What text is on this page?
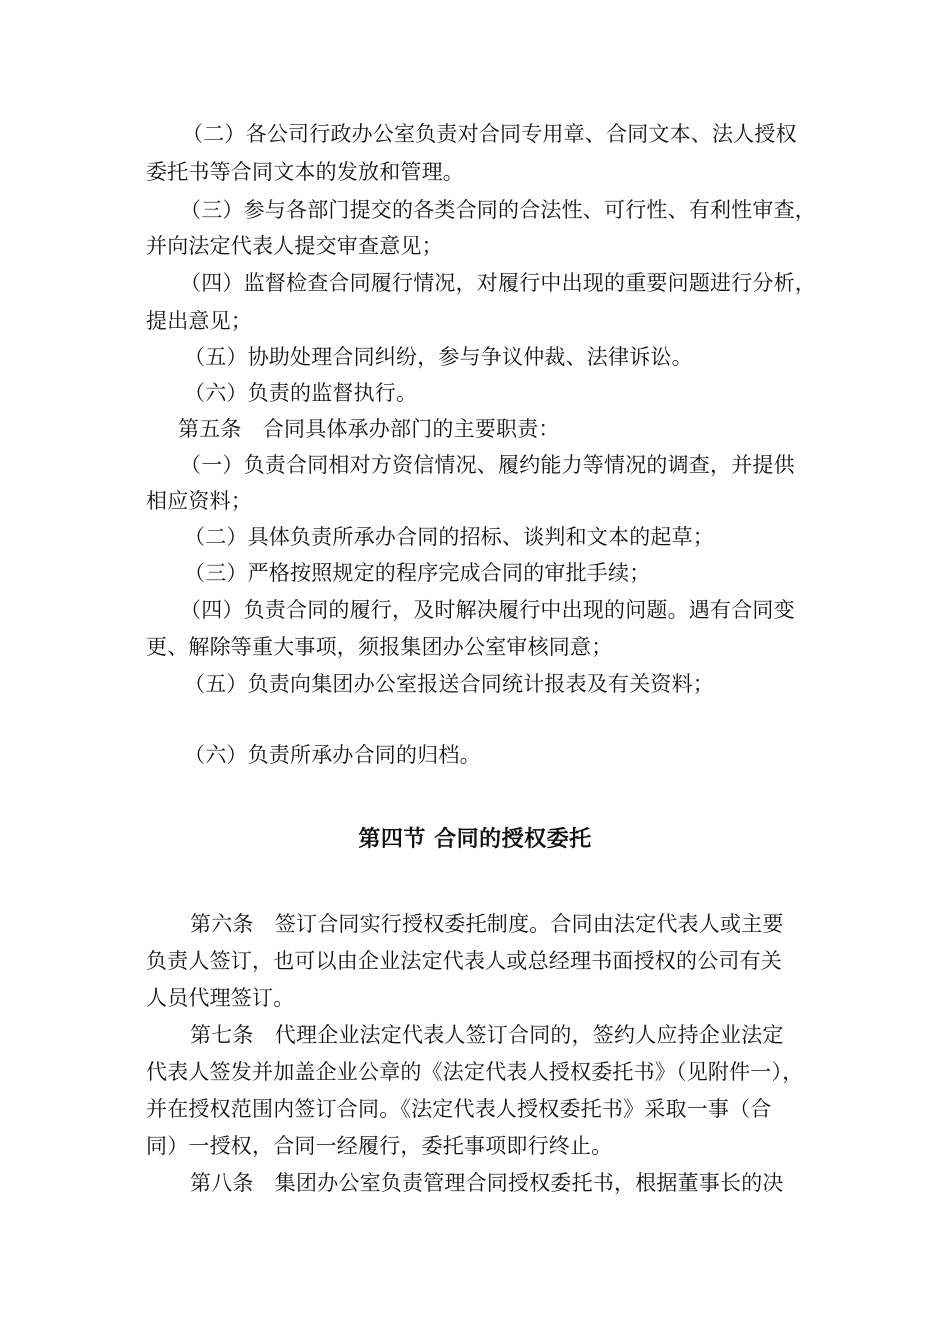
（二）各公司行政办公室负责对合同专用章、合同文本、法人授权
委托书等合同文本的发放和管理。
（三）参与各部门提交的各类合同的合法性、可行性、有利性审查，
并向法定代表人提交审查意见；
（四）监督检查合同履行情况，对履行中出现的重要问题进行分析，
提出意见；
（五）协助处理合同纠纷，参与争议仲裁、法律诉讼。
（六）负责的监督执行。
第五条　合同具体承办部门的主要职责：
（一）负责合同相对方资信情况、履约能力等情况的调查，并提供
相应资料；
（二）具体负责所承办合同的招标、谈判和文本的起草；
（三）严格按照规定的程序完成合同的审批手续；
（四）负责合同的履行，及时解决履行中出现的问题。遇有合同变
更、解除等重大事项，须报集团办公室审核同意；
（五）负责向集团办公室报送合同统计报表及有关资料；
（六）负责所承办合同的归档。
第四节 合同的授权委托
第六条　签订合同实行授权委托制度。合同由法定代表人或主要
负责人签订，也可以由企业法定代表人或总经理书面授权的公司有关
人员代理签订。
第七条　代理企业法定代表人签订合同的，签约人应持企业法定
代表人签发并加盖企业公章的《法定代表人授权委托书》（见附件一），
并在授权范围内签订合同。《法定代表人授权委托书》采取一事（合
同）一授权，合同一经履行，委托事项即行终止。
第八条　集团办公室负责管理合同授权委托书，根据董事长的决
